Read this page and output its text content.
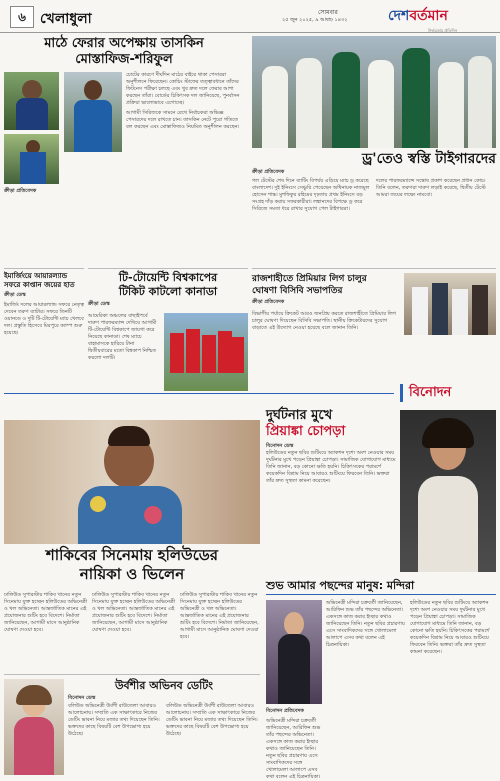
৬	খেলাধুলা	সোমবার
২৫ জুন ২০২৫, ৯ আষাঢ় ১৪৩২	দেশবর্তমান
নির্ভরতার প্রতিদিন
মাঠে ফেরার অপেক্ষায় তাসকিন
মোস্তাফিজ-শরিফুল

চোটের কারণে দীর্ঘদিন মাঠের বাইরে থাকা পেসাররা অনুশীলনে ফিরেছেন। কোচিং স্টাফের তত্ত্বাবধানে তাঁদের ফিটনেস পরীক্ষা চলছে এবং খুব দ্রুত দলে ফেরার আশা করছেন তাঁরা। বোর্ডের চিকিৎসক দল জানিয়েছে, পুনর্বাসন প্রক্রিয়া ভালোভাবে এগোচ্ছে।

আগামী সিরিজকে সামনে রেখে নির্বাচকরা অভিজ্ঞ পেসারদের দলে রাখতে চান। তাসকিন নেটে পুরো গতিতে বল করছেন এবং মোস্তাফিজও নিয়মিত অনুশীলন করছেন।

ক্রীড়া প্রতিবেদক
ইমার্জিংয়ে আয়ারল্যান্ড সফরে কাপ্তান জয়ের হাত
ক্রীড়া ডেস্ক
ইমার্জিং দলের আয়ারল্যান্ড সফরে নেতৃত্ব দেবেন তরুণ ব্যাটার। সফরে তিনটি ওয়ানডে ও দুটি টি-টোয়েন্টি ম্যাচ খেলবে দল। প্রস্তুতি হিসেবে মিরপুরে ক্যাম্প শুরু হয়েছে।
টি-টোয়েন্টি বিশ্বকাপের
টিকিট কাটলো কানাডা
ক্রীড়া ডেস্ক
আমেরিকা অঞ্চলের বাছাইপর্বে দারুণ পারফরম্যান্স দেখিয়ে আগামী টি-টোয়েন্টি বিশ্বকাপে জায়গা করে নিয়েছে কানাডা। শেষ ম্যাচে বাহামাসকে হারিয়ে টানা দ্বিতীয়বারের মতো বিশ্বকাপ নিশ্চিত করলো দলটি।
ড্র'তেও স্বস্তি টাইগারদের
ক্রীড়া প্রতিবেদক
গল টেস্টের শেষ দিনে ব্যাটিং বিপর্যয় এড়িয়ে ম্যাচ ড্র করেছে বাংলাদেশ। দুই ইনিংসে সেঞ্চুরি পেয়েছেন অধিনায়ক নাজমুল হোসেন শান্ত। মুশফিকুর রহিমের দৃঢ়তায় প্রথম ইনিংসে বড় সংগ্রহ দাঁড় করায় সফরকারীরা। লঙ্কানদের বিপক্ষে ড্র করে সিরিজে সমতা ধরে রাখার সুযোগ পেল টাইগাররা।
দলের পারফরম্যান্সে সন্তোষ প্রকাশ করেছেন প্রধান কোচ। তিনি বলেন, তরুণরা দারুণ লড়াই করেছে, দ্বিতীয় টেস্টে আমরা জয়ের লক্ষ্যে নামবো।
রাজশাহীতে প্রিমিয়ার লিগ চালুর
ঘোষণা বিসিবি সভাপতির
ক্রীড়া প্রতিবেদক
বিভাগীয় পর্যায়ে ক্রিকেট আরও জনপ্রিয় করতে রাজশাহীতে প্রিমিয়ার লিগ চালুর ঘোষণা দিয়েছেন বিসিবি সভাপতি। স্থানীয় ক্রিকেটারদের সুযোগ বাড়াতে এই উদ্যোগ নেওয়া হয়েছে বলে জানান তিনি।
বিনোদন
শাকিবের সিনেমায় হলিউডের
নায়িকা ও ভিলেন
দুর্ঘটনার মুখে
প্রিয়াঙ্কা চোপড়া
বিনোদন ডেস্ক
হলিউডের নতুন ছবির শুটিংয়ে অ্যাকশন দৃশ্যে অংশ নেওয়ার সময় দুর্ঘটনার মুখে পড়েন প্রিয়াঙ্কা চোপড়া। সামাজিক যোগাযোগ মাধ্যমে তিনি জানান, বড় কোনো ক্ষতি হয়নি। চিকিৎসকের পরামর্শে কয়েকদিন বিশ্রাম নিয়ে আবারও শুটিংয়ে ফিরবেন তিনি। ভক্তরা তাঁর দ্রুত সুস্থতা কামনা করেছেন।
শুভ আমার পছন্দের মানুষ: মন্দিরা
বিনোদন প্রতিবেদক
অভিনেত্রী মন্দিরা চক্রবর্তী জানিয়েছেন, আরিফিন শুভ তাঁর পছন্দের অভিনেতা। একসঙ্গে কাজ করার ইচ্ছার কথাও জানিয়েছেন তিনি। নতুন ছবির প্রচারণায় এসে সাংবাদিকদের সঙ্গে খোলামেলা আলাপে এসব কথা বলেন এই চিত্রনায়িকা।
অভিনেত্রী মন্দিরা চক্রবর্তী জানিয়েছেন, আরিফিন শুভ তাঁর পছন্দের অভিনেতা। একসঙ্গে কাজ করার ইচ্ছার কথাও জানিয়েছেন তিনি। নতুন ছবির প্রচারণায় এসে সাংবাদিকদের সঙ্গে খোলামেলা আলাপে এসব কথা বলেন এই চিত্রনায়িকা।
হলিউডের নতুন ছবির শুটিংয়ে অ্যাকশন দৃশ্যে অংশ নেওয়ার সময় দুর্ঘটনার মুখে পড়েন প্রিয়াঙ্কা চোপড়া। সামাজিক যোগাযোগ মাধ্যমে তিনি জানান, বড় কোনো ক্ষতি হয়নি। চিকিৎসকের পরামর্শে কয়েকদিন বিশ্রাম নিয়ে আবারও শুটিংয়ে ফিরবেন তিনি। ভক্তরা তাঁর দ্রুত সুস্থতা কামনা করেছেন।
ঢালিউড সুপারস্টার শাকিব খানের নতুন সিনেমায় যুক্ত হচ্ছেন হলিউডের অভিনেত্রী ও খল অভিনেতা। আন্তর্জাতিক মানের এই প্রযোজনার শুটিং হবে বিদেশে। নির্মাতা জানিয়েছেন, আগামী মাসে আনুষ্ঠানিক ঘোষণা দেওয়া হবে।
ঢালিউড সুপারস্টার শাকিব খানের নতুন সিনেমায় যুক্ত হচ্ছেন হলিউডের অভিনেত্রী ও খল অভিনেতা। আন্তর্জাতিক মানের এই প্রযোজনার শুটিং হবে বিদেশে। নির্মাতা জানিয়েছেন, আগামী মাসে আনুষ্ঠানিক ঘোষণা দেওয়া হবে।
ঢালিউড সুপারস্টার শাকিব খানের নতুন সিনেমায় যুক্ত হচ্ছেন হলিউডের অভিনেত্রী ও খল অভিনেতা। আন্তর্জাতিক মানের এই প্রযোজনার শুটিং হবে বিদেশে। নির্মাতা জানিয়েছেন, আগামী মাসে আনুষ্ঠানিক ঘোষণা দেওয়া হবে।
উর্বশীর অভিনব ডেটিং
বিনোদন ডেস্ক
বলিউড অভিনেত্রী উর্বশী রাউতেলা আবারও আলোচনায়। সম্প্রতি এক সাক্ষাৎকারে নিজের ডেটিং ভাবনা নিয়ে মজার তথ্য দিয়েছেন তিনি। ভক্তদের কাছে বিষয়টি বেশ উপভোগ্য হয়ে উঠেছে।
বলিউড অভিনেত্রী উর্বশী রাউতেলা আবারও আলোচনায়। সম্প্রতি এক সাক্ষাৎকারে নিজের ডেটিং ভাবনা নিয়ে মজার তথ্য দিয়েছেন তিনি। ভক্তদের কাছে বিষয়টি বেশ উপভোগ্য হয়ে উঠেছে।
